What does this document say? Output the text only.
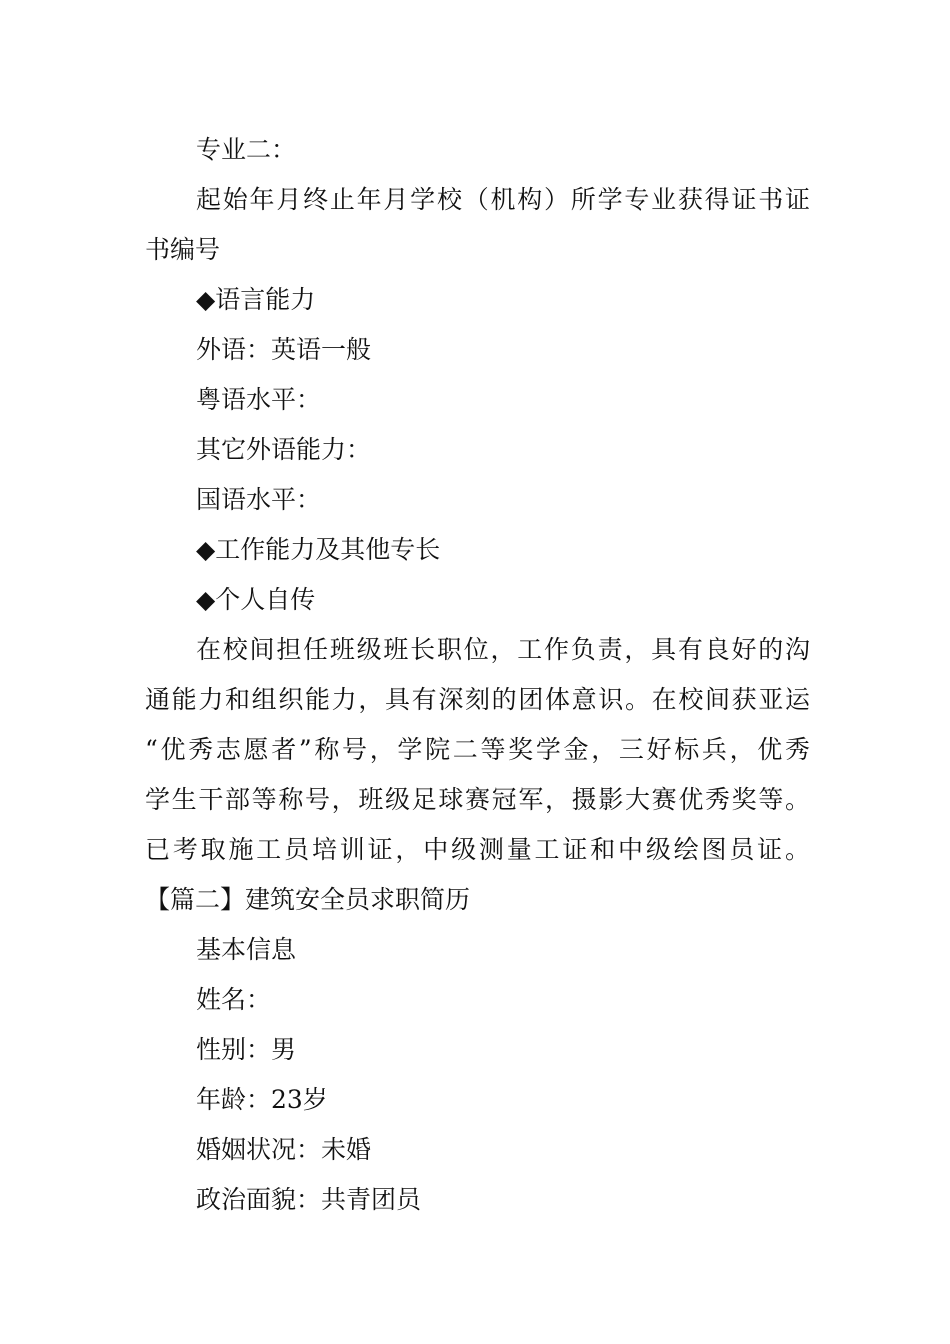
专业二：
起始年月终止年月学校（机构）所学专业获得证书证
书编号
◆语言能力
外语：英语一般
粤语水平：
其它外语能力：
国语水平：
◆工作能力及其他专长
◆个人自传
在校间担任班级班长职位，工作负责，具有良好的沟
通能力和组织能力，具有深刻的团体意识。在校间获亚运
“优秀志愿者”称号，学院二等奖学金，三好标兵，优秀
学生干部等称号，班级足球赛冠军，摄影大赛优秀奖等。
已考取施工员培训证，中级测量工证和中级绘图员证。
【篇二】建筑安全员求职简历
基本信息
姓名：
性别：男
年龄：23岁
婚姻状况：未婚
政治面貌：共青团员
